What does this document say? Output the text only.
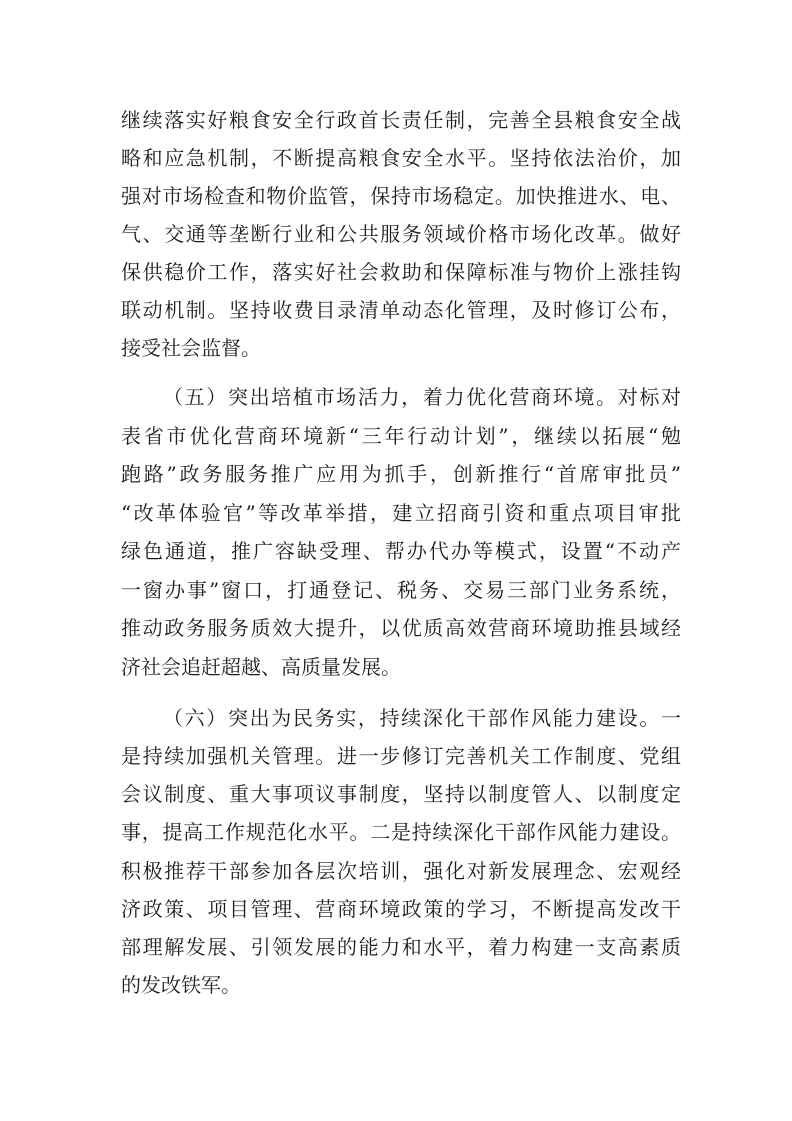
继续落实好粮食安全行政首长责任制，完善全县粮食安全战

略和应急机制，不断提高粮食安全水平。坚持依法治价，加

强对市场检查和物价监管，保持市场稳定。加快推进水、电、

气、交通等垄断行业和公共服务领域价格市场化改革。做好

保供稳价工作，落实好社会救助和保障标准与物价上涨挂钩

联动机制。坚持收费目录清单动态化管理，及时修订公布，

接受社会监督。

（五）突出培植市场活力，着力优化营商环境。对标对

表省市优化营商环境新“三年行动计划”，继续以拓展“勉

跑路”政务服务推广应用为抓手，创新推行“首席审批员”

“改革体验官”等改革举措，建立招商引资和重点项目审批

绿色通道，推广容缺受理、帮办代办等模式，设置“不动产

一窗办事”窗口，打通登记、税务、交易三部门业务系统，

推动政务服务质效大提升，以优质高效营商环境助推县域经

济社会追赶超越、高质量发展。

（六）突出为民务实，持续深化干部作风能力建设。一

是持续加强机关管理。进一步修订完善机关工作制度、党组

会议制度、重大事项议事制度，坚持以制度管人、以制度定

事，提高工作规范化水平。二是持续深化干部作风能力建设。

积极推荐干部参加各层次培训，强化对新发展理念、宏观经

济政策、项目管理、营商环境政策的学习，不断提高发改干

部理解发展、引领发展的能力和水平，着力构建一支高素质

的发改铁军。
